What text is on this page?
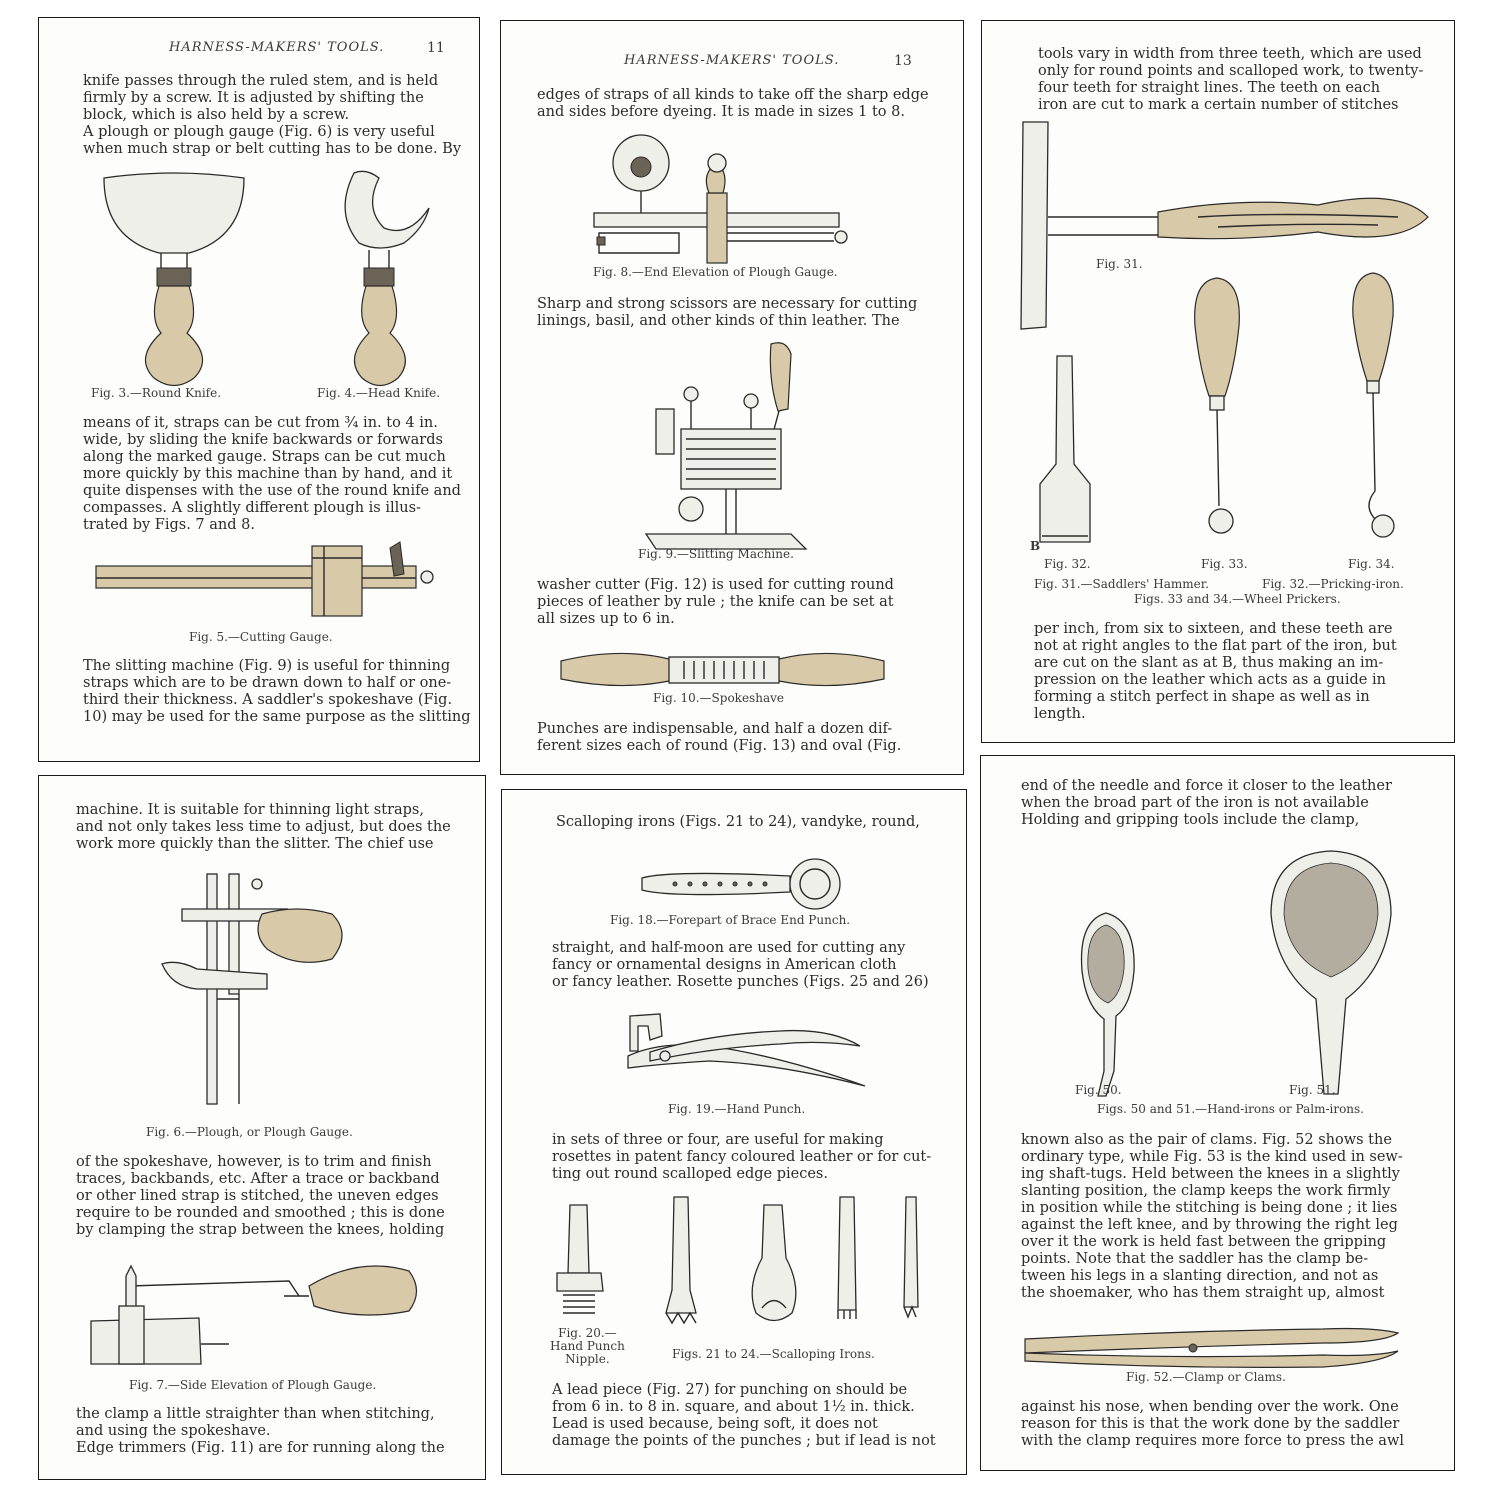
HARNESS-MAKERS' TOOLS.	11
knife passes through the ruled stem, and is held
firmly by a screw. It is adjusted by shifting the
block, which is also held by a screw.
A plough or plough gauge (Fig. 6) is very useful
when much strap or belt cutting has to be done. By
Fig. 3.—Round Knife.	Fig. 4.—Head Knife.
means of it, straps can be cut from ¾ in. to 4 in.
wide, by sliding the knife backwards or forwards
along the marked gauge. Straps can be cut much
more quickly by this machine than by hand, and it
quite dispenses with the use of the round knife and
compasses. A slightly different plough is illus-
trated by Figs. 7 and 8.
Fig. 5.—Cutting Gauge.
The slitting machine (Fig. 9) is useful for thinning
straps which are to be drawn down to half or one-
third their thickness. A saddler's spokeshave (Fig.
10) may be used for the same purpose as the slitting
HARNESS-MAKERS' TOOLS.	13
edges of straps of all kinds to take off the sharp edge
and sides before dyeing. It is made in sizes 1 to 8.
Fig. 8.—End Elevation of Plough Gauge.
Sharp and strong scissors are necessary for cutting
linings, basil, and other kinds of thin leather. The
Fig. 9.—Slitting Machine.
washer cutter (Fig. 12) is used for cutting round
pieces of leather by rule ; the knife can be set at
all sizes up to 6 in.
Fig. 10.—Spokeshave
Punches are indispensable, and half a dozen dif-
ferent sizes each of round (Fig. 13) and oval (Fig.
tools vary in width from three teeth, which are used
only for round points and scalloped work, to twenty-
four teeth for straight lines. The teeth on each
iron are cut to mark a certain number of stitches
Fig. 31.
B
Fig. 32.	Fig. 33.	Fig. 34.
Fig. 31.—Saddlers' Hammer.	Fig. 32.—Pricking-iron.
Figs. 33 and 34.—Wheel Prickers.
per inch, from six to sixteen, and these teeth are
not at right angles to the flat part of the iron, but
are cut on the slant as at B, thus making an im-
pression on the leather which acts as a guide in
forming a stitch perfect in shape as well as in
length.
machine. It is suitable for thinning light straps,
and not only takes less time to adjust, but does the
work more quickly than the slitter. The chief use
Fig. 6.—Plough, or Plough Gauge.
of the spokeshave, however, is to trim and finish
traces, backbands, etc. After a trace or backband
or other lined strap is stitched, the uneven edges
require to be rounded and smoothed ; this is done
by clamping the strap between the knees, holding
Fig. 7.—Side Elevation of Plough Gauge.
the clamp a little straighter than when stitching,
and using the spokeshave.
Edge trimmers (Fig. 11) are for running along the
Scalloping irons (Figs. 21 to 24), vandyke, round,
Fig. 18.—Forepart of Brace End Punch.
straight, and half-moon are used for cutting any
fancy or ornamental designs in American cloth
or fancy leather. Rosette punches (Figs. 25 and 26)
Fig. 19.—Hand Punch.
in sets of three or four, are useful for making
rosettes in patent fancy coloured leather or for cut-
ting out round scalloped edge pieces.
Fig. 20.—
Hand Punch
Nipple.	Figs. 21 to 24.—Scalloping Irons.
A lead piece (Fig. 27) for punching on should be
from 6 in. to 8 in. square, and about 1½ in. thick.
Lead is used because, being soft, it does not
damage the points of the punches ; but if lead is not
end of the needle and force it closer to the leather
when the broad part of the iron is not available
Holding and gripping tools include the clamp,
Fig. 50.	Fig. 51.
Figs. 50 and 51.—Hand-irons or Palm-irons.
known also as the pair of clams. Fig. 52 shows the
ordinary type, while Fig. 53 is the kind used in sew-
ing shaft-tugs. Held between the knees in a slightly
slanting position, the clamp keeps the work firmly
in position while the stitching is being done ; it lies
against the left knee, and by throwing the right leg
over it the work is held fast between the gripping
points. Note that the saddler has the clamp be-
tween his legs in a slanting direction, and not as
the shoemaker, who has them straight up, almost
Fig. 52.—Clamp or Clams.
against his nose, when bending over the work. One
reason for this is that the work done by the saddler
with the clamp requires more force to press the awl
